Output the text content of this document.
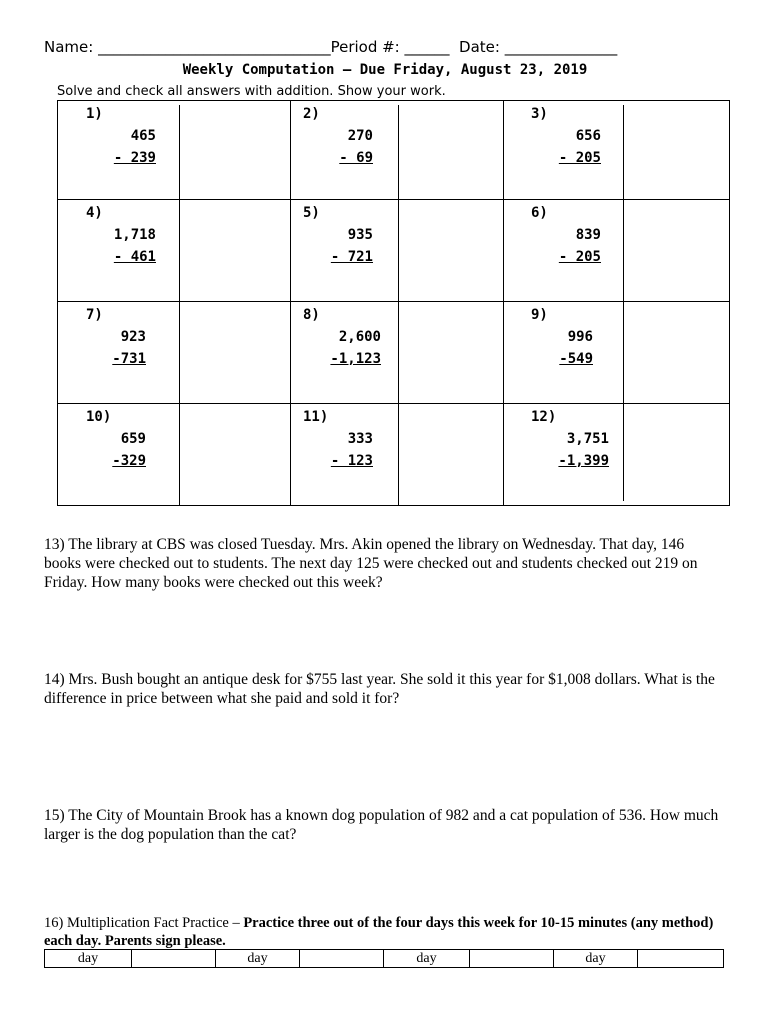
Name: _______________________________Period #: ______  Date: _______________
Weekly Computation – Due Friday, August 23, 2019
Solve and check all answers with addition. Show your work.
1)
465
- 239
2)
270
- 69
3)
656
- 205
4)
1,718
- 461
5)
935
- 721
6)
839
- 205
7)
923
-731
8)
2,600
-1,123
9)
996
-549
10)
659
-329
11)
333
- 123
12)
3,751
-1,399
13) The library at CBS was closed Tuesday. Mrs. Akin opened the library on Wednesday. That day, 146 books were checked out to students. The next day 125 were checked out and students checked out 219 on Friday. How many books were checked out this week?
14) Mrs. Bush bought an antique desk for $755 last year. She sold it this year for $1,008 dollars. What is the difference in price between what she paid and sold it for?
15) The City of Mountain Brook has a known dog population of 982 and a cat population of 536. How much larger is the dog population than the cat?
16) Multiplication Fact Practice – Practice three out of the four days this week for 10-15 minutes (any method) each day. Parents sign please.
day	day	day	day
